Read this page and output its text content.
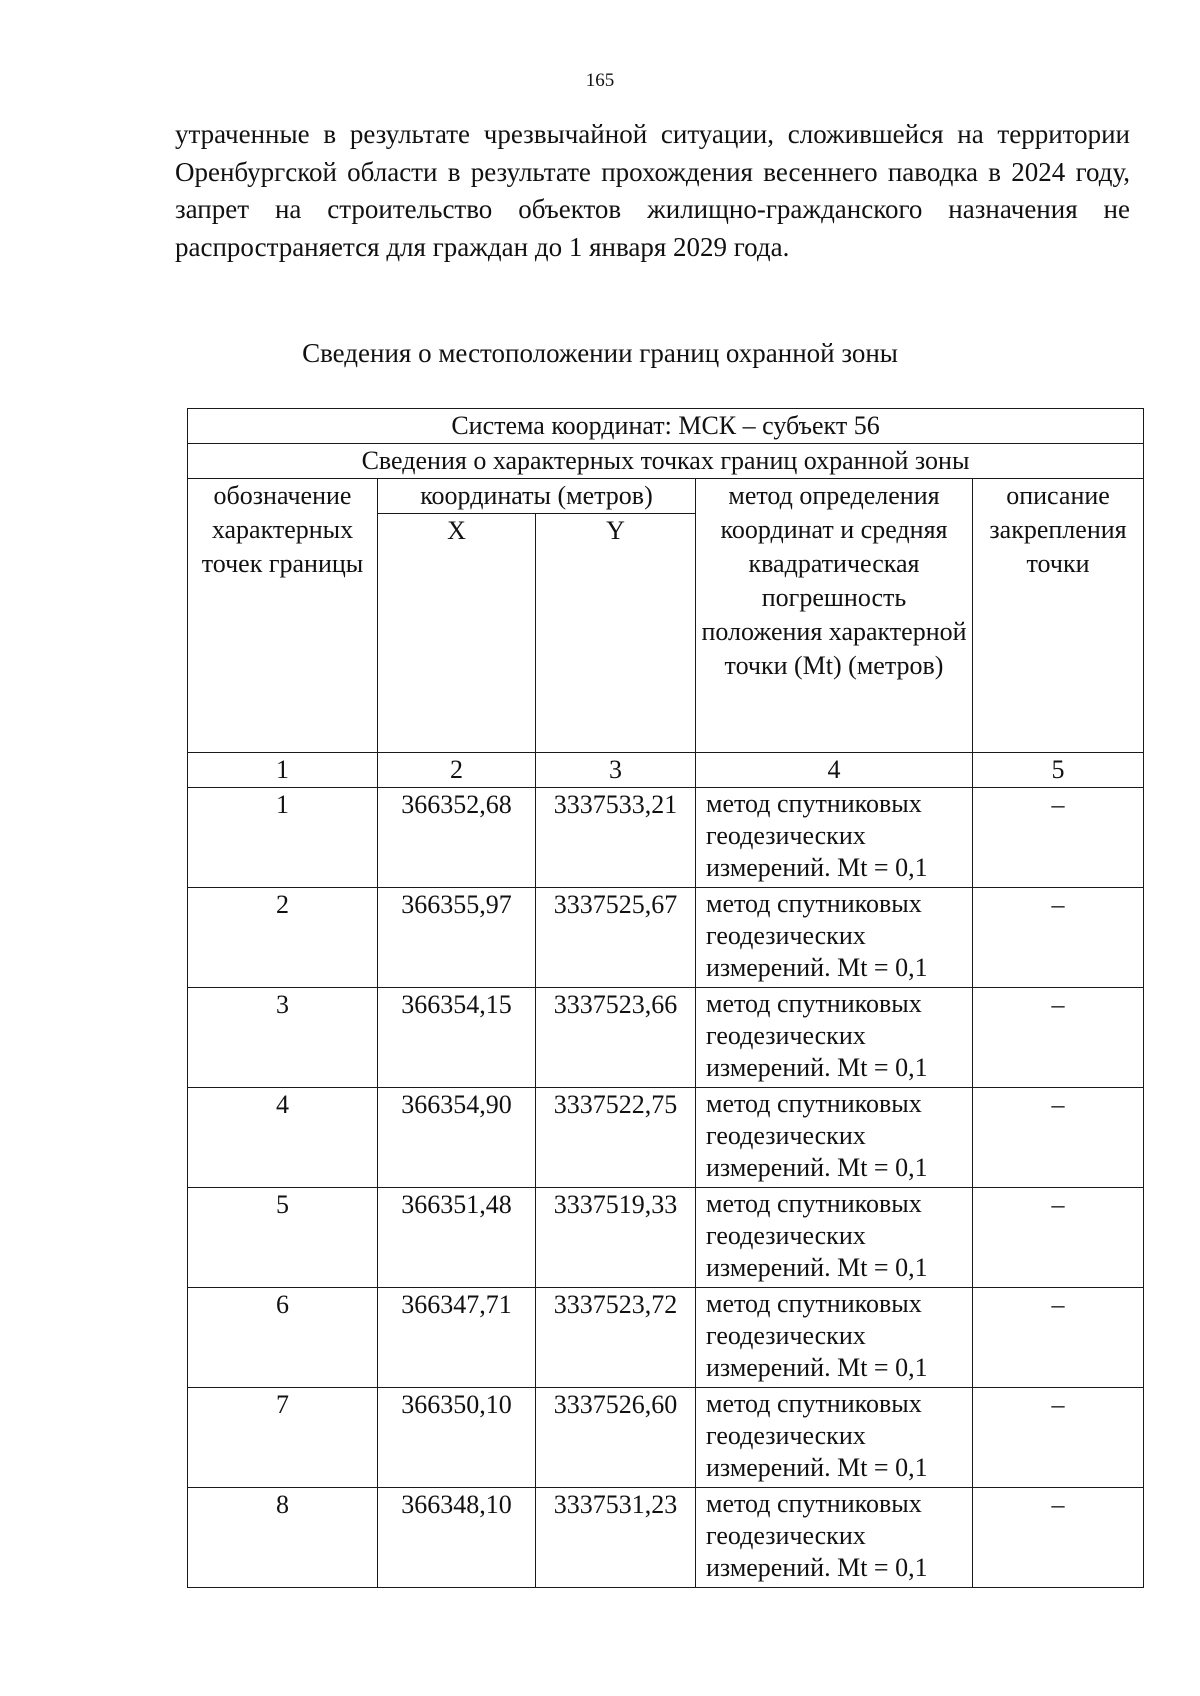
165

утраченные в результате чрезвычайной ситуации, сложившейся на территории Оренбургской области в результате прохождения весеннего паводка в 2024 году, запрет на строительство объектов жилищно-гражданского назначения не распространяется для граждан до 1 января 2029 года.

Сведения о местоположении границ охранной зоны
Система координат: МСК – субъект 56				
Сведения о характерных точках границ охранной зоны				
обозначение характерных точек границы	координаты (метров)		метод определения координат и средняя квадратическая погрешность положения характерной точки (Mt) (метров)	описание закрепления точки
	X	Y		
1	2	3	4	5
1	366352,68	3337533,21	метод спутниковых геодезических измерений. Mt = 0,1	–
2	366355,97	3337525,67	метод спутниковых геодезических измерений. Mt = 0,1	–
3	366354,15	3337523,66	метод спутниковых геодезических измерений. Mt = 0,1	–
4	366354,90	3337522,75	метод спутниковых геодезических измерений. Mt = 0,1	–
5	366351,48	3337519,33	метод спутниковых геодезических измерений. Mt = 0,1	–
6	366347,71	3337523,72	метод спутниковых геодезических измерений. Mt = 0,1	–
7	366350,10	3337526,60	метод спутниковых геодезических измерений. Mt = 0,1	–
8	366348,10	3337531,23	метод спутниковых геодезических измерений. Mt = 0,1	–
